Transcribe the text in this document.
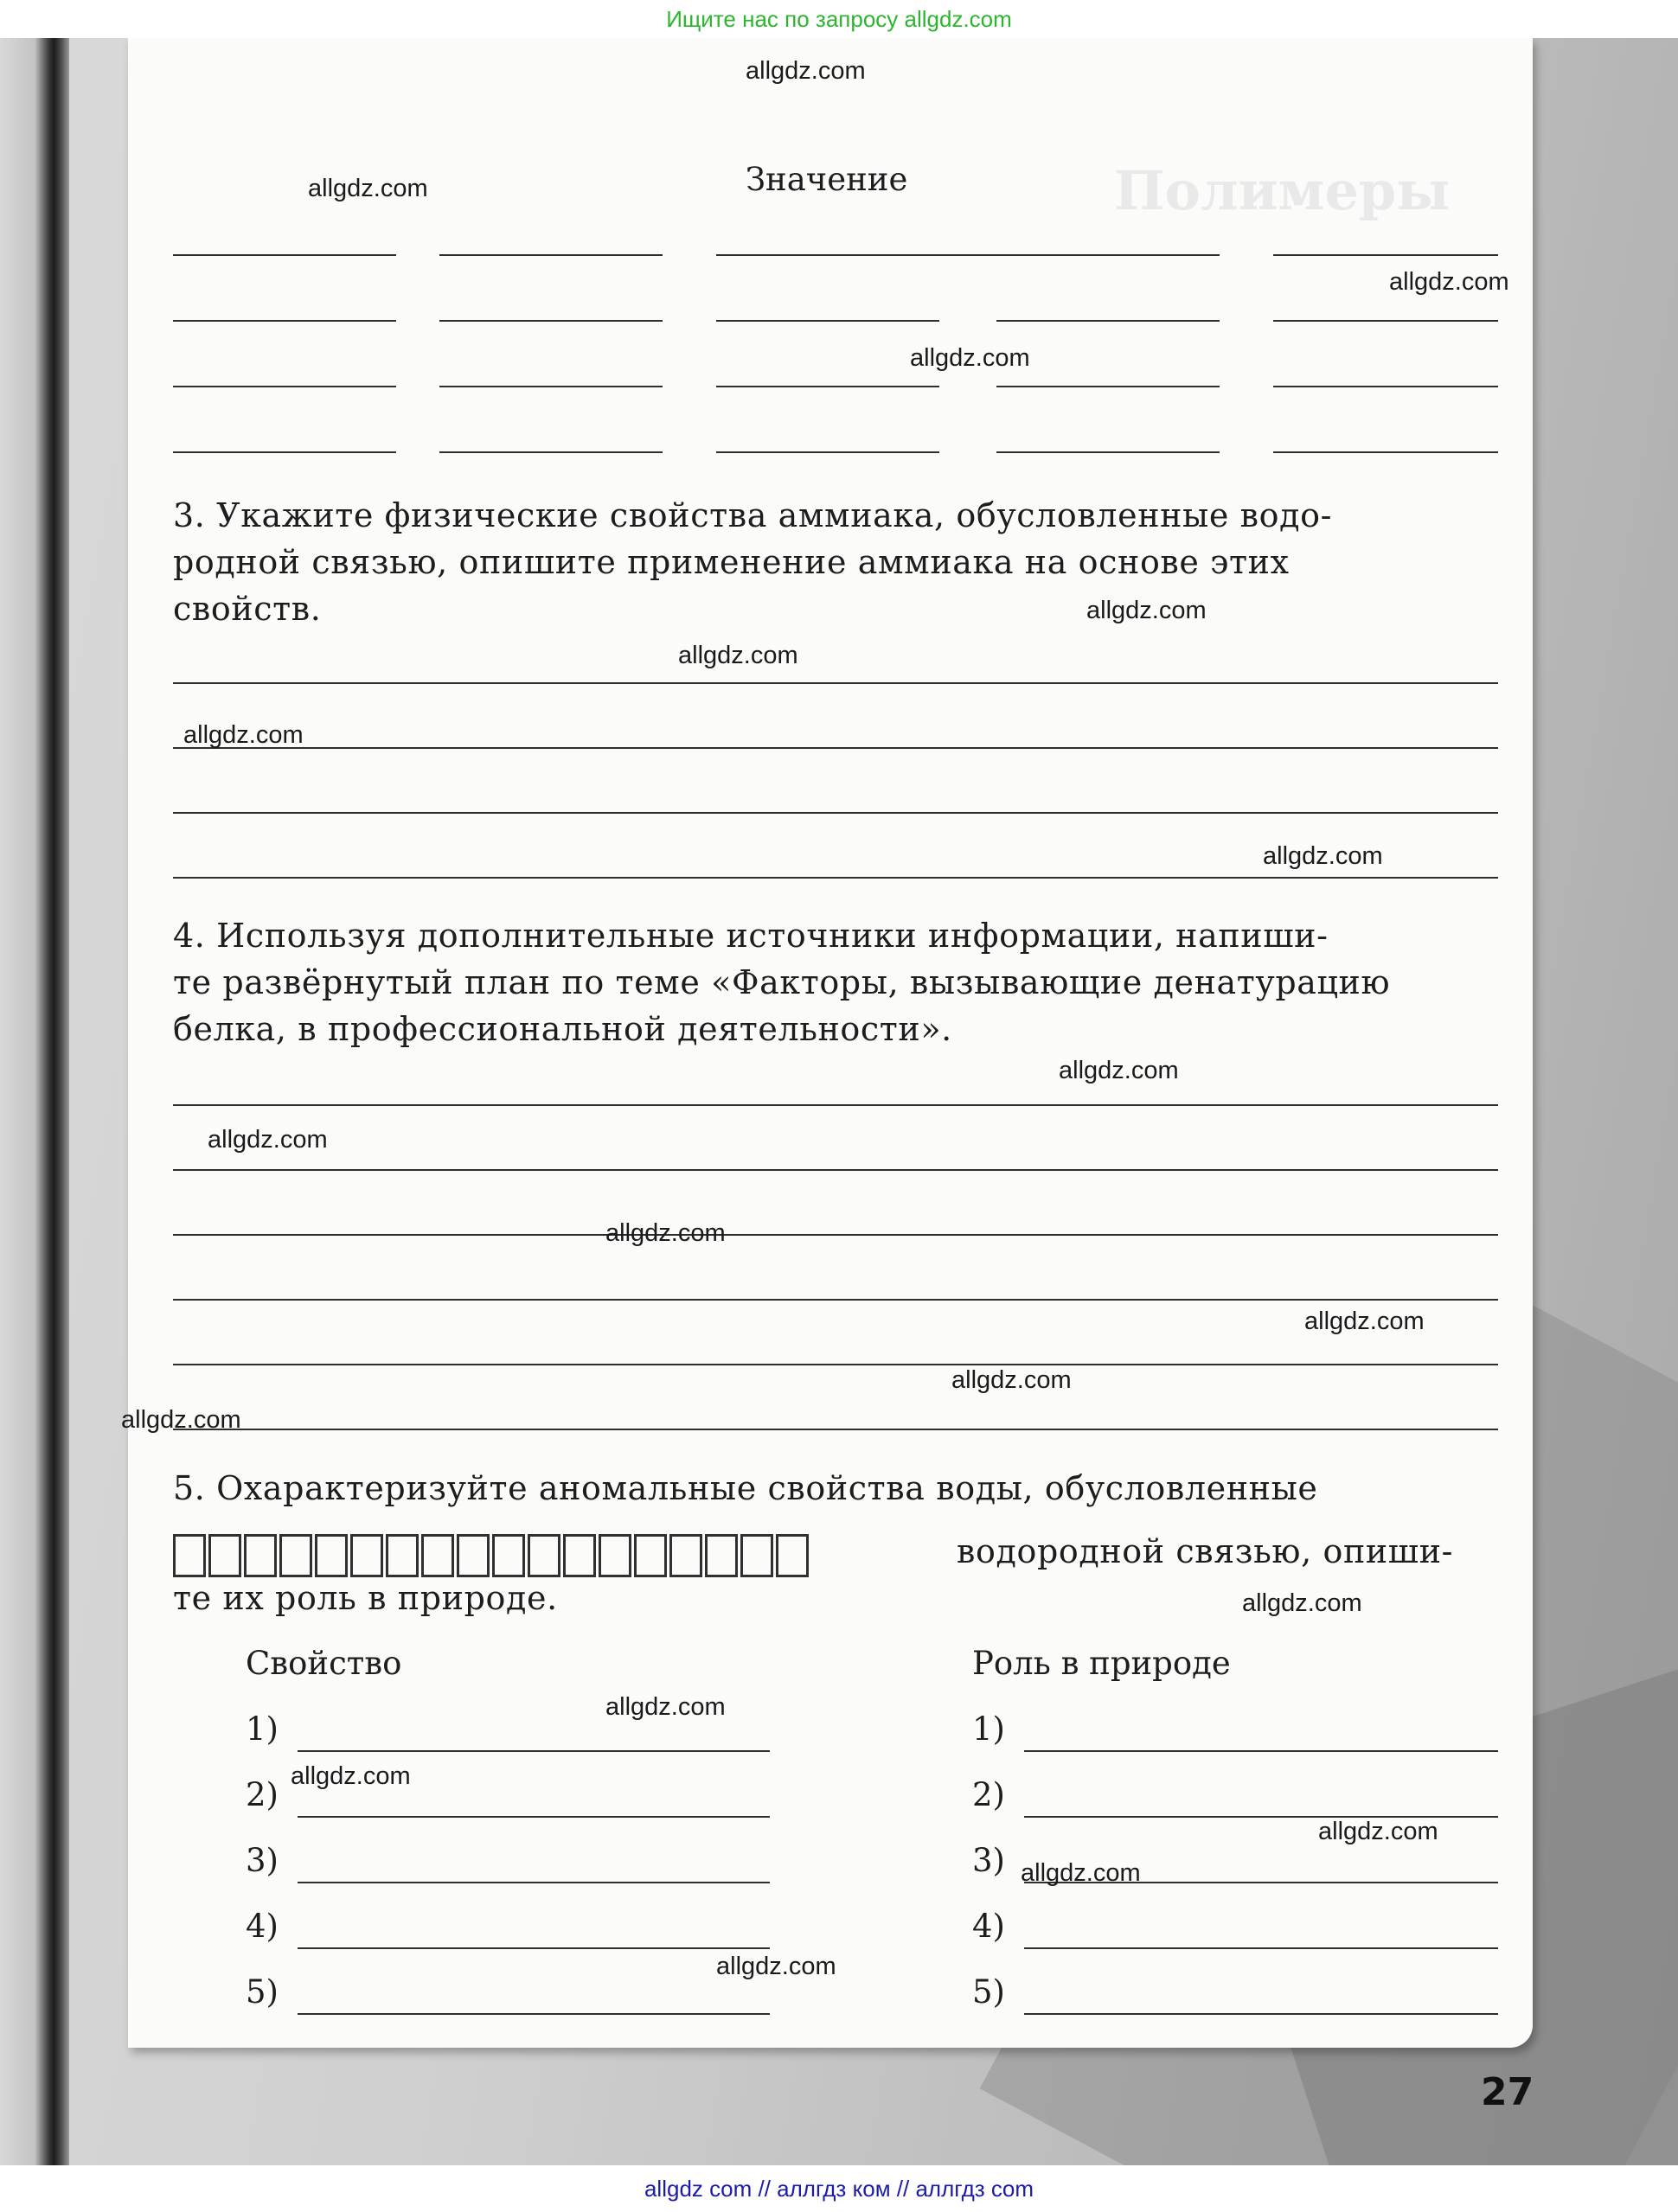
Ищите нас по запросу allgdz.com
Полимеры
Значение
3. Укажите физические свойства аммиака, обусловленные водо-
родной связью, опишите применение аммиака на основе этих
свойств.
4. Используя дополнительные источники информации, напиши-
те развёрнутый план по теме «Факторы, вызывающие денатурацию
белка, в профессиональной деятельности».
5. Охарактеризуйте аномальные свойства воды, обусловленные
водородной связью, опиши-
те их роль в природе.
Свойство	Роль в природе
1)	1)
2)	2)
3)	3)
4)	4)
5)	5)
27
allgdz com // аллгдз ком // аллгдз com
allgdz.com
allgdz.com
allgdz.com
allgdz.com
allgdz.com
allgdz.com
allgdz.com
allgdz.com
allgdz.com
allgdz.com
allgdz.com
allgdz.com
allgdz.com
allgdz.com
allgdz.com
allgdz.com
allgdz.com
allgdz.com
allgdz.com
allgdz.com
